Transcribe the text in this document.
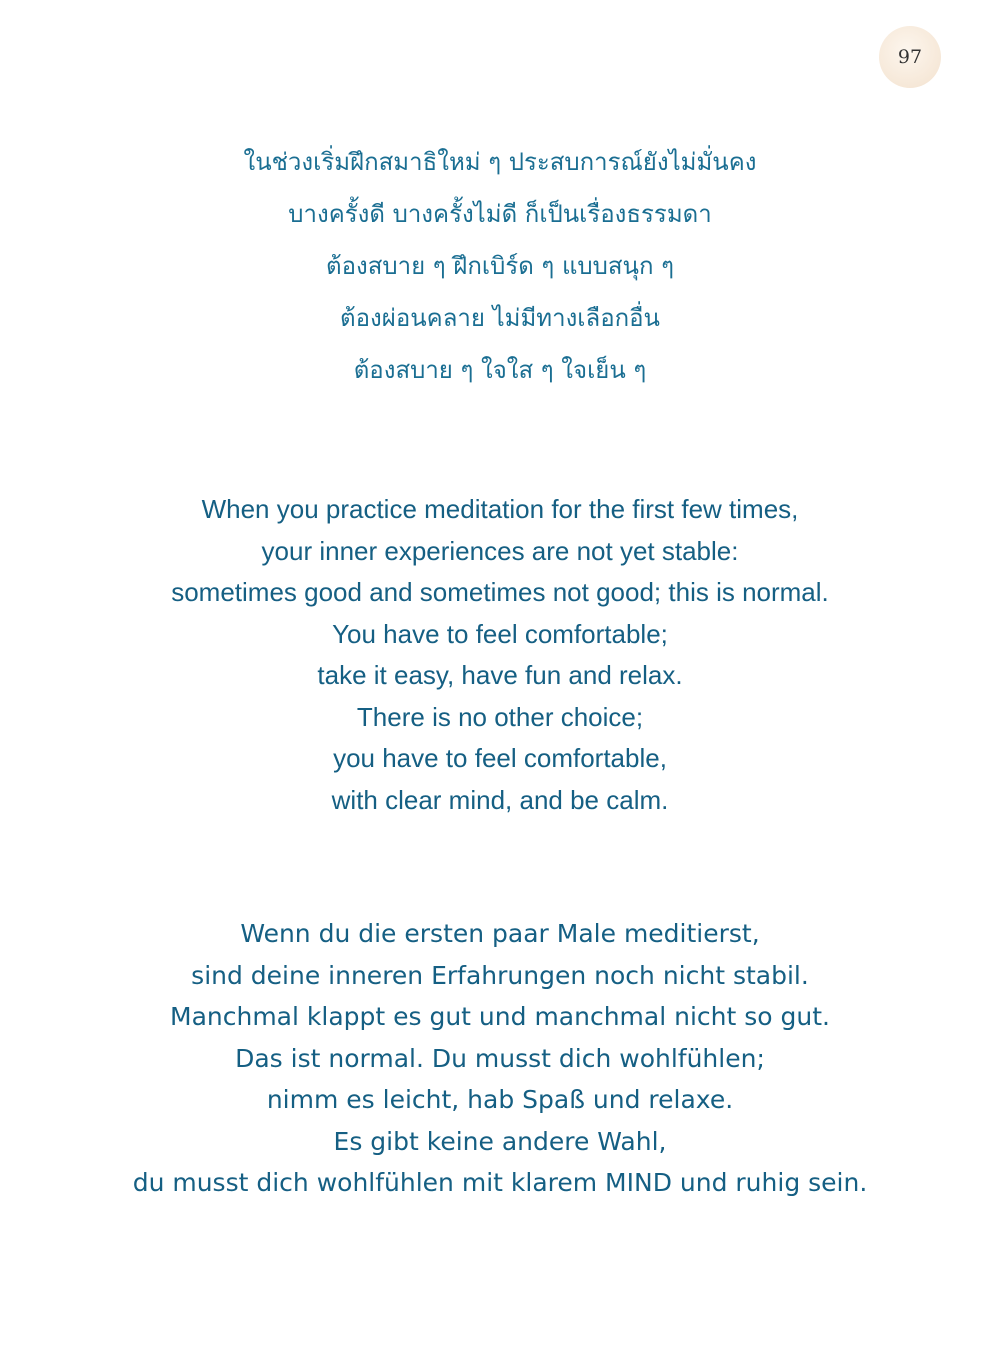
97
ในช่วงเริ่มฝึกสมาธิใหม่ ๆ ประสบการณ์ยังไม่มั่นคง
บางครั้งดี บางครั้งไม่ดี ก็เป็นเรื่องธรรมดา
ต้องสบาย ๆ ฝึกเบิร์ด ๆ แบบสนุก ๆ
ต้องผ่อนคลาย ไม่มีทางเลือกอื่น
ต้องสบาย ๆ ใจใส ๆ ใจเย็น ๆ
When you practice meditation for the first few times,
your inner experiences are not yet stable:
sometimes good and sometimes not good; this is normal.
You have to feel comfortable;
take it easy, have fun and relax.
There is no other choice;
you have to feel comfortable,
with clear mind, and be calm.
Wenn du die ersten paar Male meditierst,
sind deine inneren Erfahrungen noch nicht stabil.
Manchmal klappt es gut und manchmal nicht so gut.
Das ist normal. Du musst dich wohlfühlen;
nimm es leicht, hab Spaß und relaxe.
Es gibt keine andere Wahl,
du musst dich wohlfühlen mit klarem MIND und ruhig sein.
